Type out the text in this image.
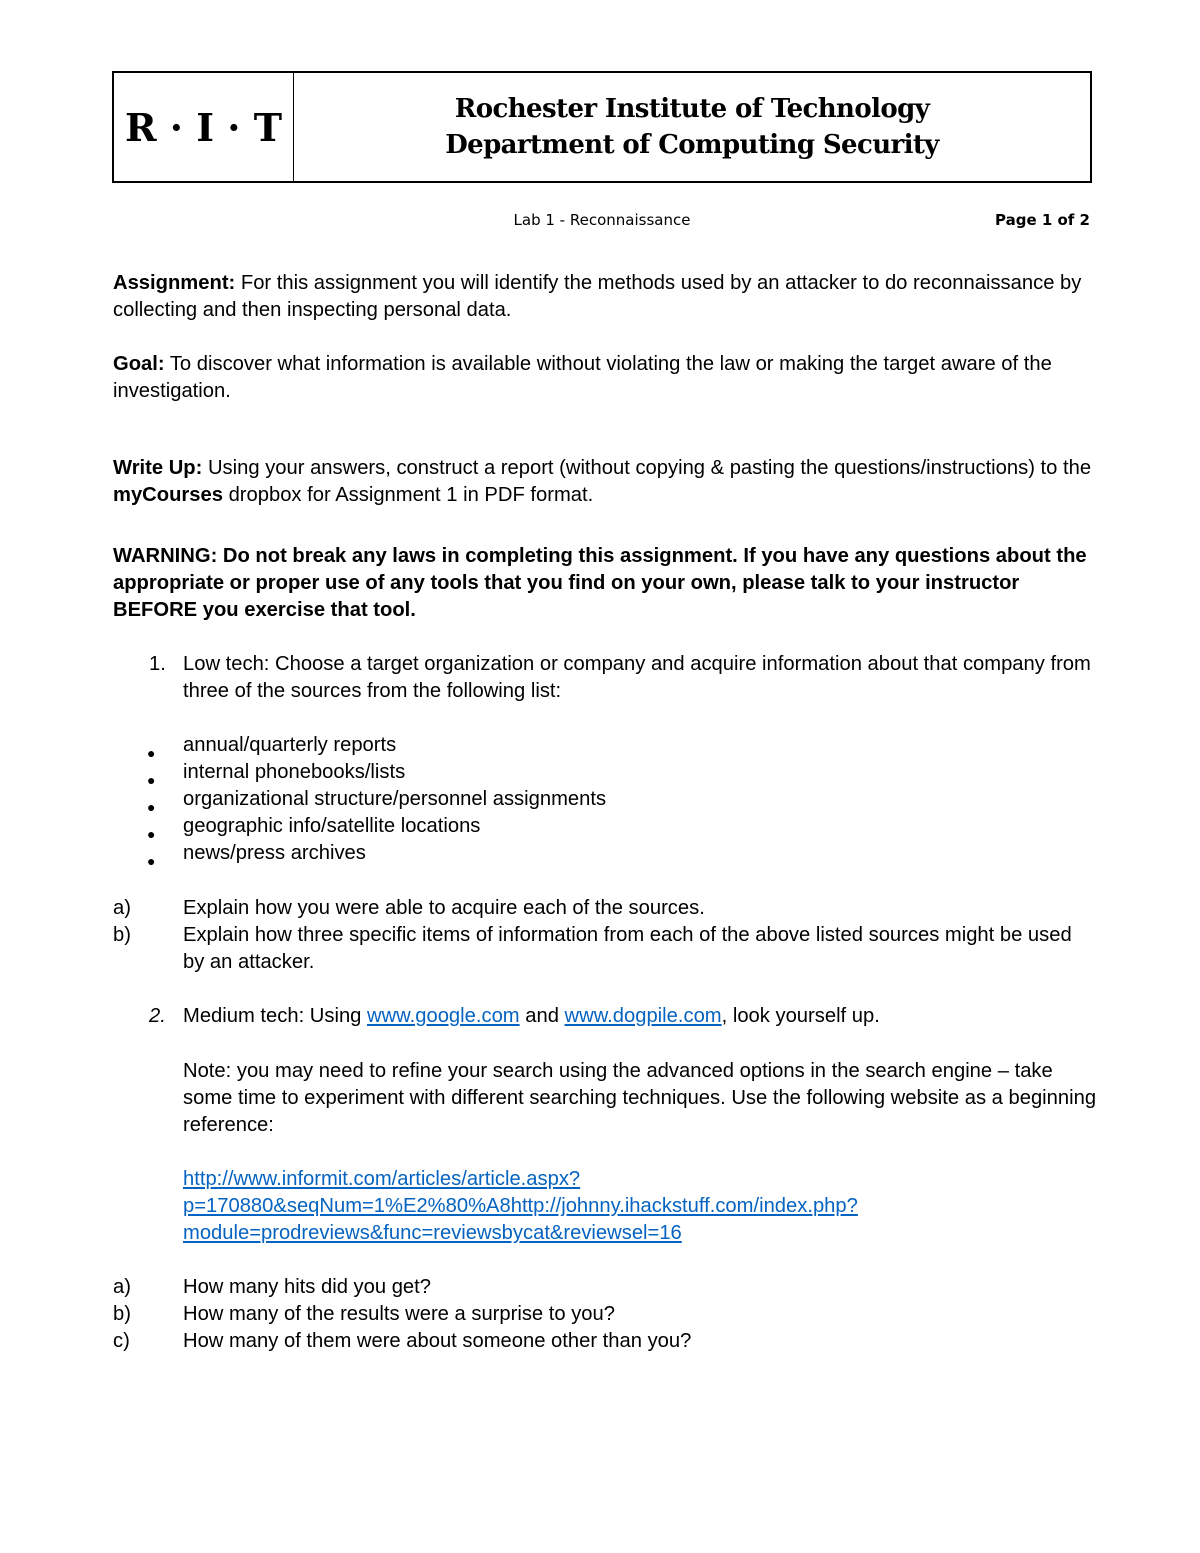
R · I · T	Rochester Institute of Technology
Department of Computing Security
Lab 1 - Reconnaissance	Page 1 of 2

Assignment: For this assignment you will identify the methods used by an attacker to do reconnaissance by collecting and then inspecting personal data.

Goal: To discover what information is available without violating the law or making the target aware of the investigation.

Write Up: Using your answers, construct a report (without copying & pasting the questions/instructions) to the myCourses dropbox for Assignment 1 in PDF format.

WARNING: Do not break any laws in completing this assignment. If you have any questions about the appropriate or proper use of any tools that you find on your own, please talk to your instructor BEFORE you exercise that tool.

1. Low tech: Choose a target organization or company and acquire information about that company from three of the sources from the following list:
● annual/quarterly reports
● internal phonebooks/lists
● organizational structure/personnel assignments
● geographic info/satellite locations
● news/press archives
a)	Explain how you were able to acquire each of the sources.
b)	Explain how three specific items of information from each of the above listed sources might be used by an attacker.
2. Medium tech: Using www.google.com and www.dogpile.com, look yourself up.
Note: you may need to refine your search using the advanced options in the search engine – take some time to experiment with different searching techniques. Use the following website as a beginning reference:
http://www.informit.com/articles/article.aspx?
p=170880&seqNum=1%E2%80%A8http://johnny.ihackstuff.com/index.php?
module=prodreviews&func=reviewsbycat&reviewsel=16
a)	How many hits did you get?
b)	How many of the results were a surprise to you?
c)	How many of them were about someone other than you?
